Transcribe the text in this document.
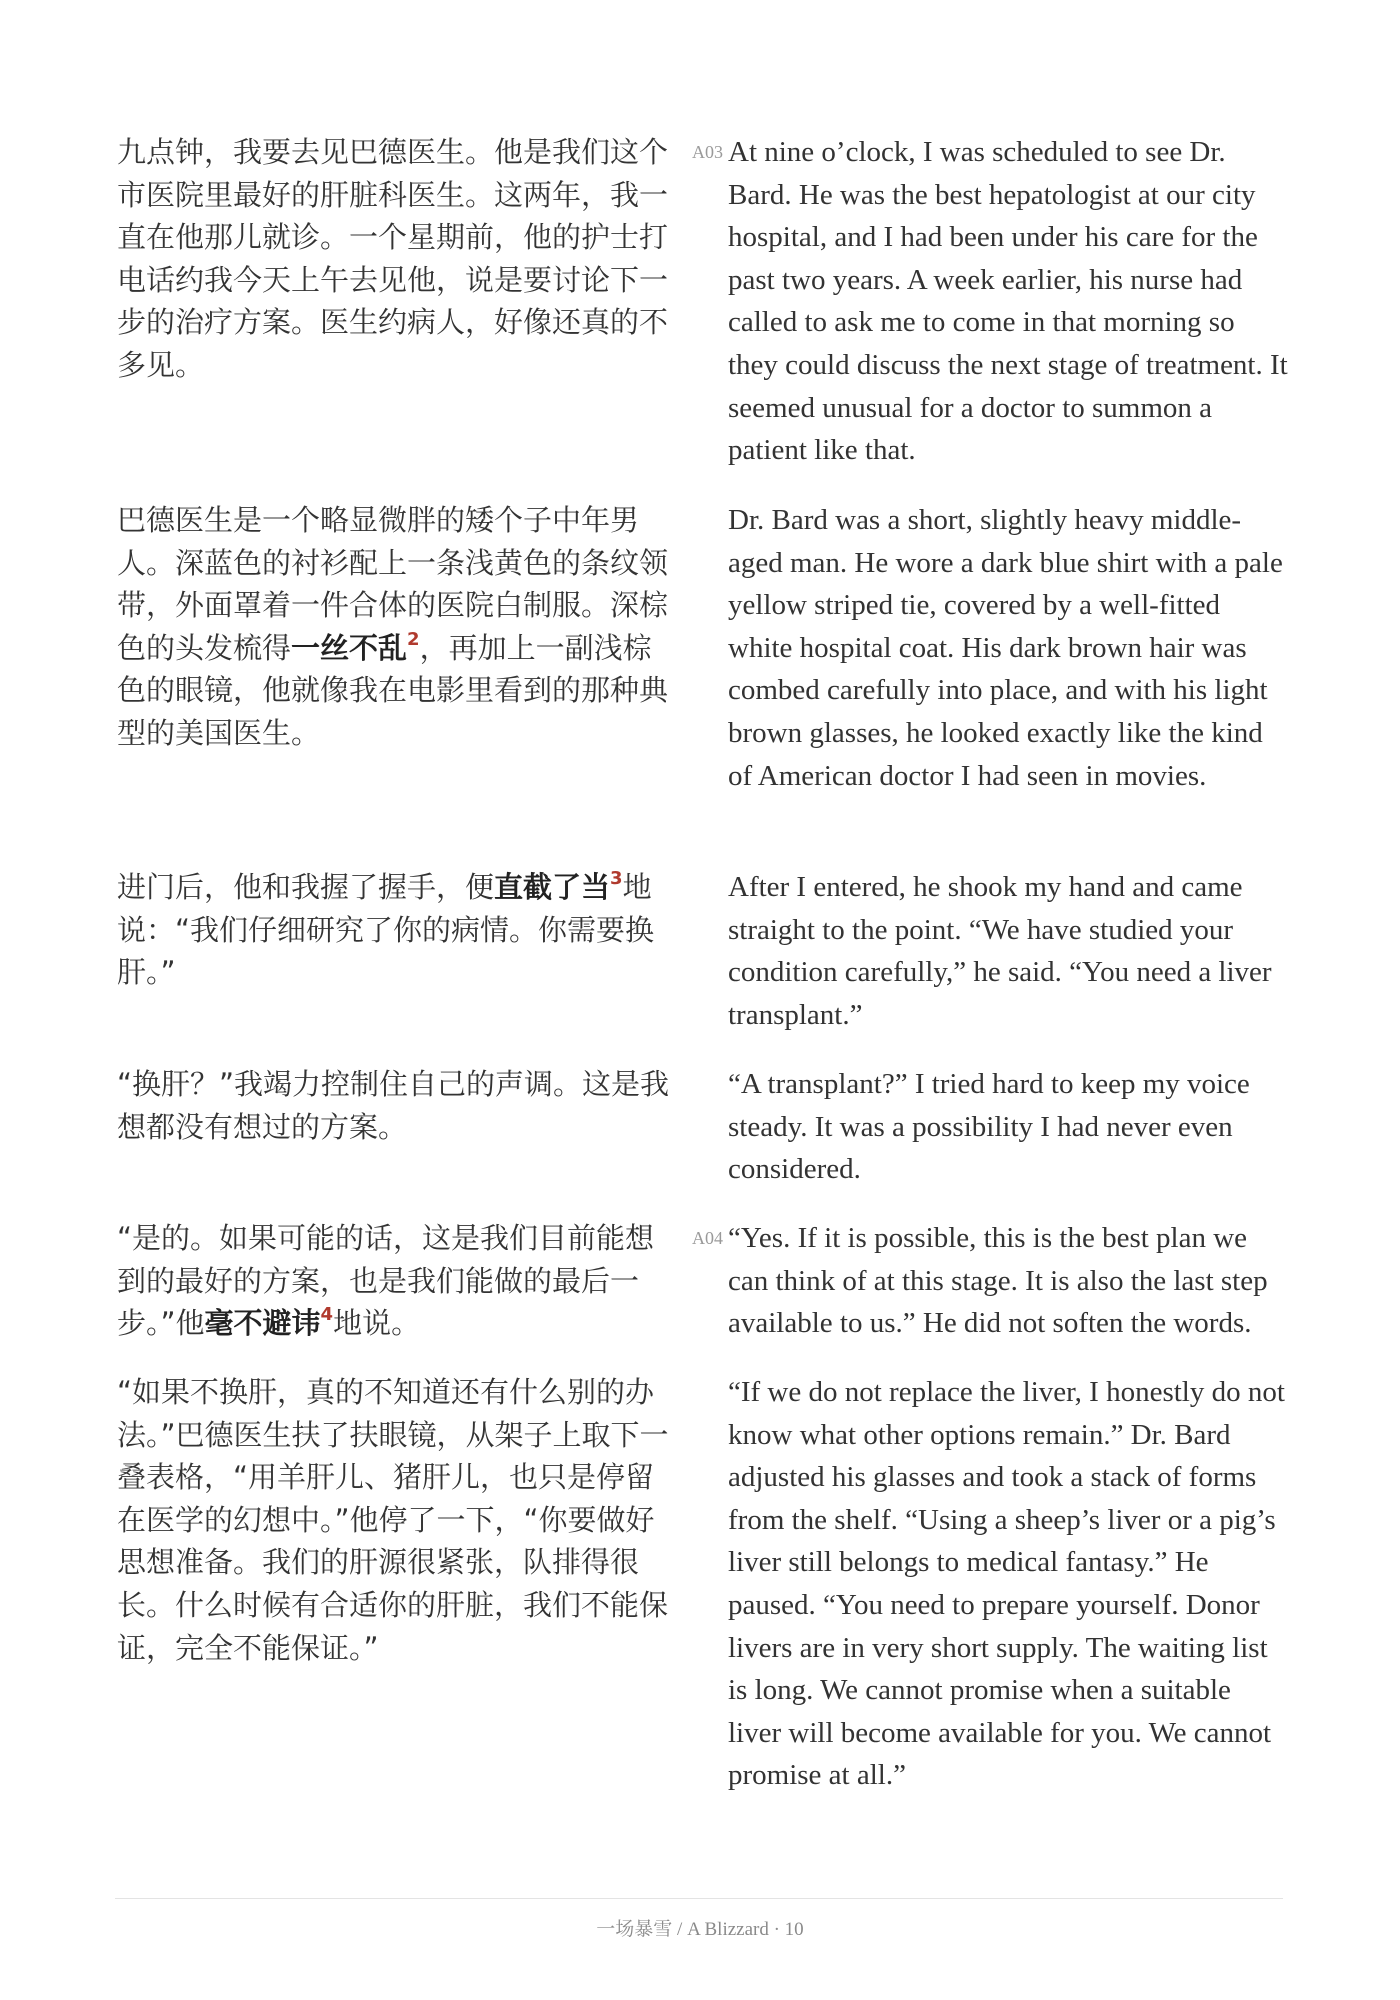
九点钟，我要去见巴德医生。他是我们这个市医院里最好的肝脏科医生。这两年，我一直在他那儿就诊。一个星期前，他的护士打电话约我今天上午去见他，说是要讨论下一步的治疗方案。医生约病人，好像还真的不多见。
A03 At nine o’clock, I was scheduled to see Dr. Bard. He was the best hepatologist at our city hospital, and I had been under his care for the past two years. A week earlier, his nurse had called to ask me to come in that morning so they could discuss the next stage of treatment. It seemed unusual for a doctor to summon a patient like that.
巴德医生是一个略显微胖的矮个子中年男人。深蓝色的衬衫配上一条浅黄色的条纹领带，外面罩着一件合体的医院白制服。深棕色的头发梳得一丝不乱$^2$，再加上一副浅棕色的眼镜，他就像我在电影里看到的那种典型的美国医生。
Dr. Bard was a short, slightly heavy middle-aged man. He wore a dark blue shirt with a pale yellow striped tie, covered by a well-fitted white hospital coat. His dark brown hair was combed carefully into place, and with his light brown glasses, he looked exactly like the kind of American doctor I had seen in movies.
进门后，他和我握了握手，便直截了当$^3$地说：“我们仔细研究了你的病情。你需要换肝。”
After I entered, he shook my hand and came straight to the point. “We have studied your condition carefully,” he said. “You need a liver transplant.”
“换肝？”我竭力控制住自己的声调。这是我想都没有想过的方案。
“A transplant?” I tried hard to keep my voice steady. It was a possibility I had never even considered.
“是的。如果可能的话，这是我们目前能想到的最好的方案，也是我们能做的最后一步。”他毫不避讳$^4$地说。
A04 “Yes. If it is possible, this is the best plan we can think of at this stage. It is also the last step available to us.” He did not soften the words.
“如果不换肝，真的不知道还有什么别的办法。”巴德医生扶了扶眼镜，从架子上取下一叠表格，“用羊肝儿、猪肝儿，也只是停留在医学的幻想中。”他停了一下，“你要做好思想准备。我们的肝源很紧张，队排得很长。什么时候有合适你的肝脏，我们不能保证，完全不能保证。”
“If we do not replace the liver, I honestly do not know what other options remain.” Dr. Bard adjusted his glasses and took a stack of forms from the shelf. “Using a sheep’s liver or a pig’s liver still belongs to medical fantasy.” He paused. “You need to prepare yourself. Donor livers are in very short supply. The waiting list is long. We cannot promise when a suitable liver will become available for you. We cannot promise at all.”
一场暴雪 / A Blizzard · 10
